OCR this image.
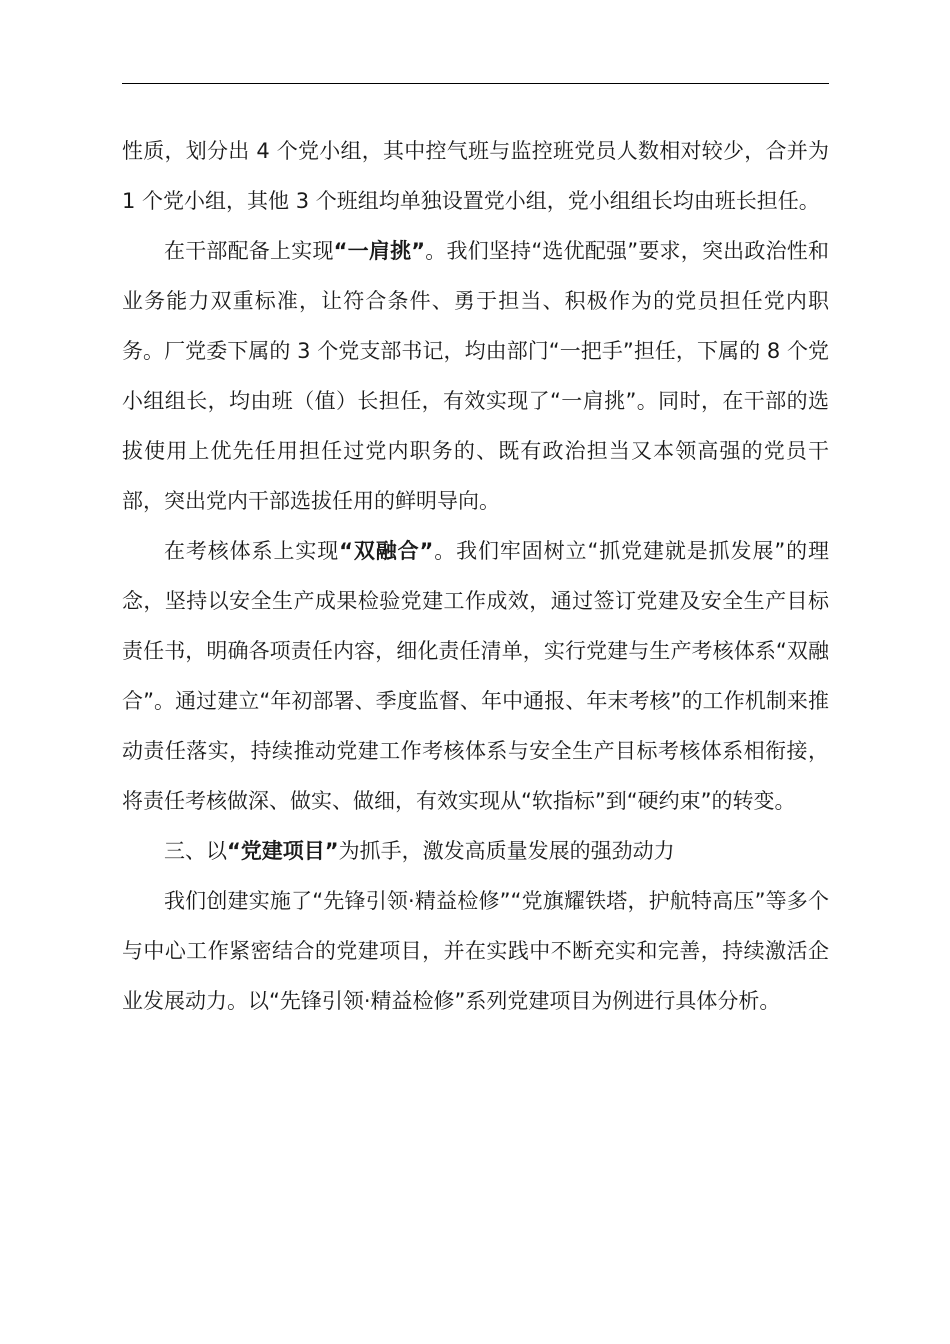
性质，划分出 4 个党小组，其中控气班与监控班党员人数相对较少，合并为 1 个党小组，其他 3 个班组均单独设置党小组，党小组组长均由班长担任。

在干部配备上实现“一肩挑”。我们坚持“选优配强”要求，突出政治性和业务能力双重标准，让符合条件、勇于担当、积极作为的党员担任党内职务。厂党委下属的 3 个党支部书记，均由部门“一把手”担任，下属的 8 个党小组组长，均由班（值）长担任，有效实现了“一肩挑”。同时，在干部的选拔使用上优先任用担任过党内职务的、既有政治担当又本领高强的党员干部，突出党内干部选拔任用的鲜明导向。

在考核体系上实现“双融合”。我们牢固树立“抓党建就是抓发展”的理念，坚持以安全生产成果检验党建工作成效，通过签订党建及安全生产目标责任书，明确各项责任内容，细化责任清单，实行党建与生产考核体系“双融合”。通过建立“年初部署、季度监督、年中通报、年末考核”的工作机制来推动责任落实，持续推动党建工作考核体系与安全生产目标考核体系相衔接，将责任考核做深、做实、做细，有效实现从“软指标”到“硬约束”的转变。

三、以“党建项目”为抓手，激发高质量发展的强劲动力

我们创建实施了“先锋引领·精益检修”“党旗耀铁塔，护航特高压”等多个与中心工作紧密结合的党建项目，并在实践中不断充实和完善，持续激活企业发展动力。以“先锋引领·精益检修”系列党建项目为例进行具体分析。
